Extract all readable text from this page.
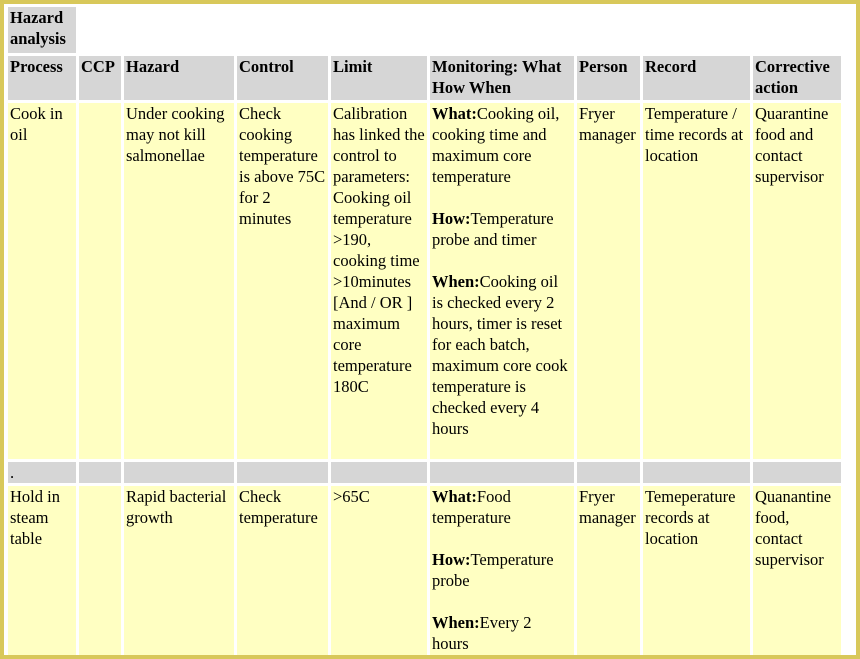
Hazard analysis								
Process	CCP	Hazard	Control	Limit	Monitoring: What How When	Person	Record	Corrective action
Cook in oil		Under cooking may not kill salmonellae	Check cooking temperature is above 75C for 2 minutes	Calibration has linked the control to parameters: Cooking oil temperature >190, cooking time >10minutes [And / OR ] maximum core temperature 180C	What:Cooking oil, cooking time and maximum core temperature
How:Temperature probe and timer
When:Cooking oil is checked every 2 hours, timer is reset for each batch, maximum core cook temperature is checked every 4 hours	Fryer manager	Temperature / time records at location	Quarantine food and contact supervisor
.								
Hold in steam table		Rapid bacterial growth	Check temperature	>65C	What:Food temperature
How:Temperature probe
When:Every 2 hours	Fryer manager	Temeperature records at location	Quanantine food, contact supervisor
